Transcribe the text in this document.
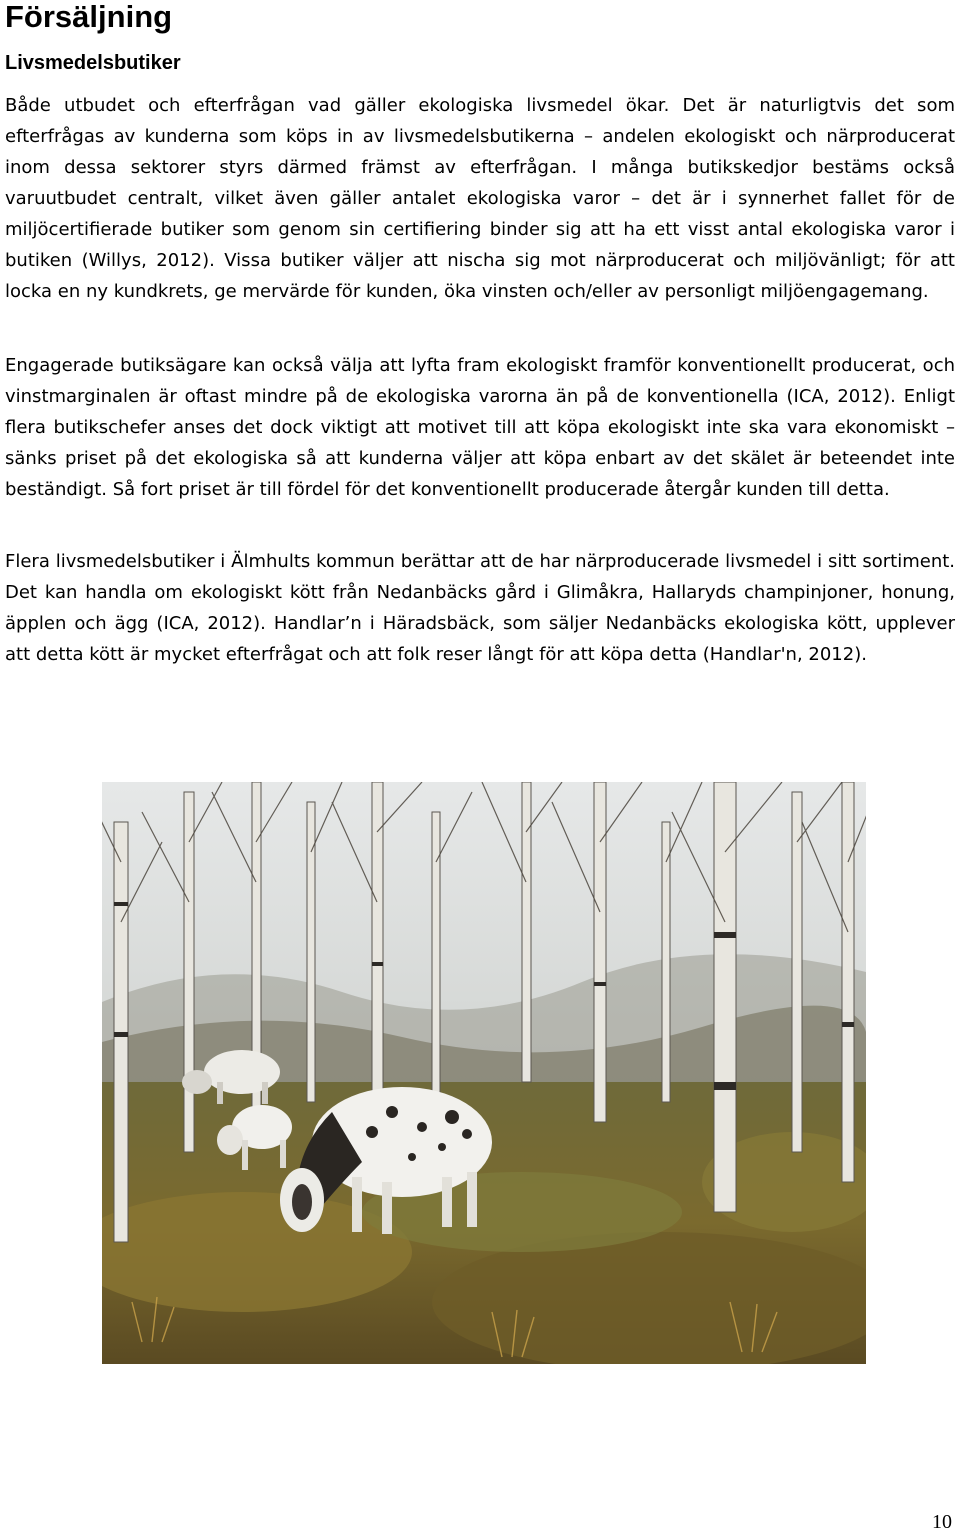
Försäljning
Livsmedelsbutiker

Både utbudet och efterfrågan vad gäller ekologiska livsmedel ökar. Det är naturligtvis det som efterfrågas av kunderna som köps in av livsmedelsbutikerna – andelen ekologiskt och närproducerat inom dessa sektorer styrs därmed främst av efterfrågan. I många butikskedjor bestäms också varuutbudet centralt, vilket även gäller antalet ekologiska varor – det är i synnerhet fallet för de miljöcertifierade butiker som genom sin certifiering binder sig att ha ett visst antal ekologiska varor i butiken (Willys, 2012). Vissa butiker väljer att nischa sig mot närproducerat och miljövänligt; för att locka en ny kundkrets, ge mervärde för kunden, öka vinsten och/eller av personligt miljöengagemang.

Engagerade butiksägare kan också välja att lyfta fram ekologiskt framför konventionellt producerat, och vinstmarginalen är oftast mindre på de ekologiska varorna än på de konventionella (ICA, 2012). Enligt flera butikschefer anses det dock viktigt att motivet till att köpa ekologiskt inte ska vara ekonomiskt – sänks priset på det ekologiska så att kunderna väljer att köpa enbart av det skälet är beteendet inte beständigt. Så fort priset är till fördel för det konventionellt producerade återgår kunden till detta.

Flera livsmedelsbutiker i Älmhults kommun berättar att de har närproducerade livsmedel i sitt sortiment. Det kan handla om ekologiskt kött från Nedanbäcks gård i Glimåkra, Hallaryds champinjoner, honung, äpplen och ägg (ICA, 2012). Handlar’n i Häradsbäck, som säljer Nedanbäcks ekologiska kött, upplever att detta kött är mycket efterfrågat och att folk reser långt för att köpa detta (Handlar'n, 2012).

10
